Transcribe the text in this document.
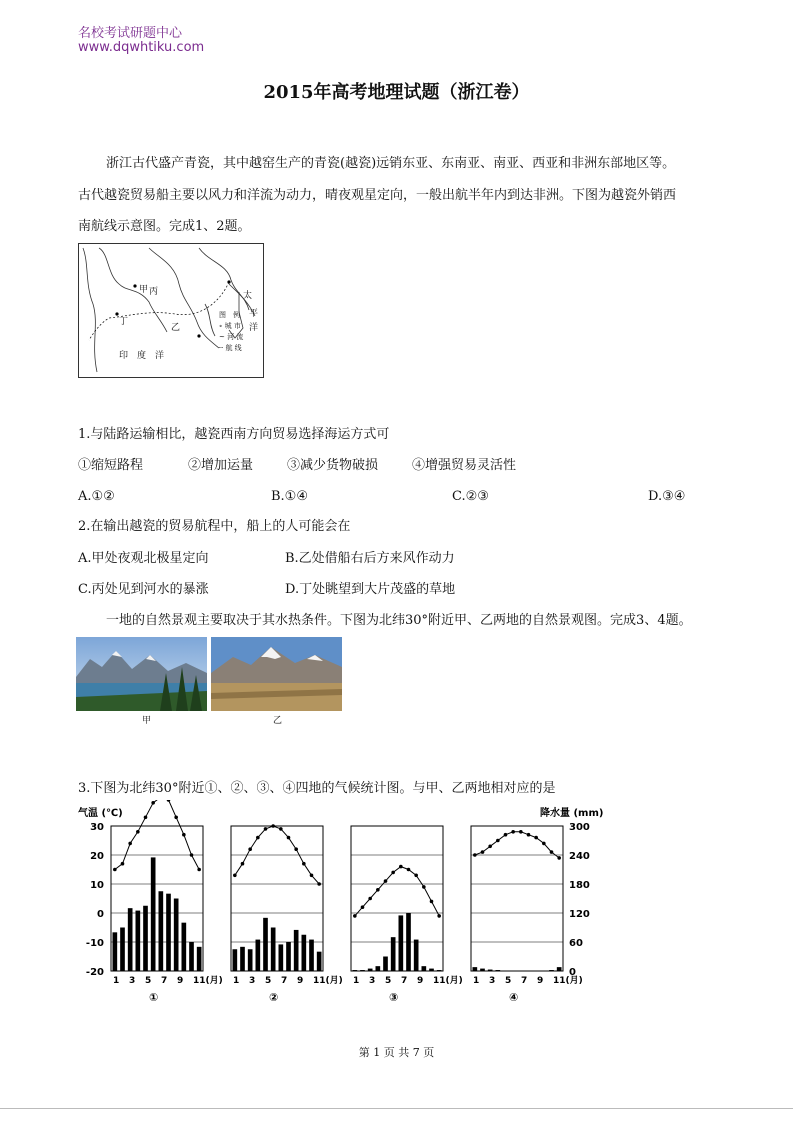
名校考试研题中心
www.dqwhtiku.com
2015年高考地理试题（浙江卷）
浙江古代盛产青瓷，其中越窑生产的青瓷(越瓷)远销东亚、东南亚、南亚、西亚和非洲东部地区等。
古代越瓷贸易船主要以风力和洋流为动力，晴夜观星定向，一般出航半年内到达非洲。下图为越瓷外销西
南航线示意图。完成1、2题。
甲 丙
乙
丁
印　度　洋
太
平
洋
图　例
∘ 城 市
~ 河 流
┄ 航 线
1.与陆路运输相比，越瓷西南方向贸易选择海运方式可
①缩短路程	②增加运量	③减少货物破损	④增强贸易灵活性
A.①②	B.①④	C.②③	D.③④
2.在输出越瓷的贸易航程中，船上的人可能会在
A.甲处夜观北极星定向	B.乙处借船右后方来风作动力
C.丙处见到河水的暴涨	D.丁处眺望到大片茂盛的草地
一地的自然景观主要取决于其水热条件。下图为北纬30°附近甲、乙两地的自然景观图。完成3、4题。
甲	乙
3.下图为北纬30°附近①、②、③、④四地的气候统计图。与甲、乙两地相对应的是
气温 (℃)	降水量 (mm)
30
20
10
0
-10
-20
300
240
180
120
60
0
1 3 5 7 9 11(月)
①
1 3 5 7 9 11(月)
②
1 3 5 7 9 11(月)
③
1 3 5 7 9 11(月)
④
第 1 页 共 7 页
